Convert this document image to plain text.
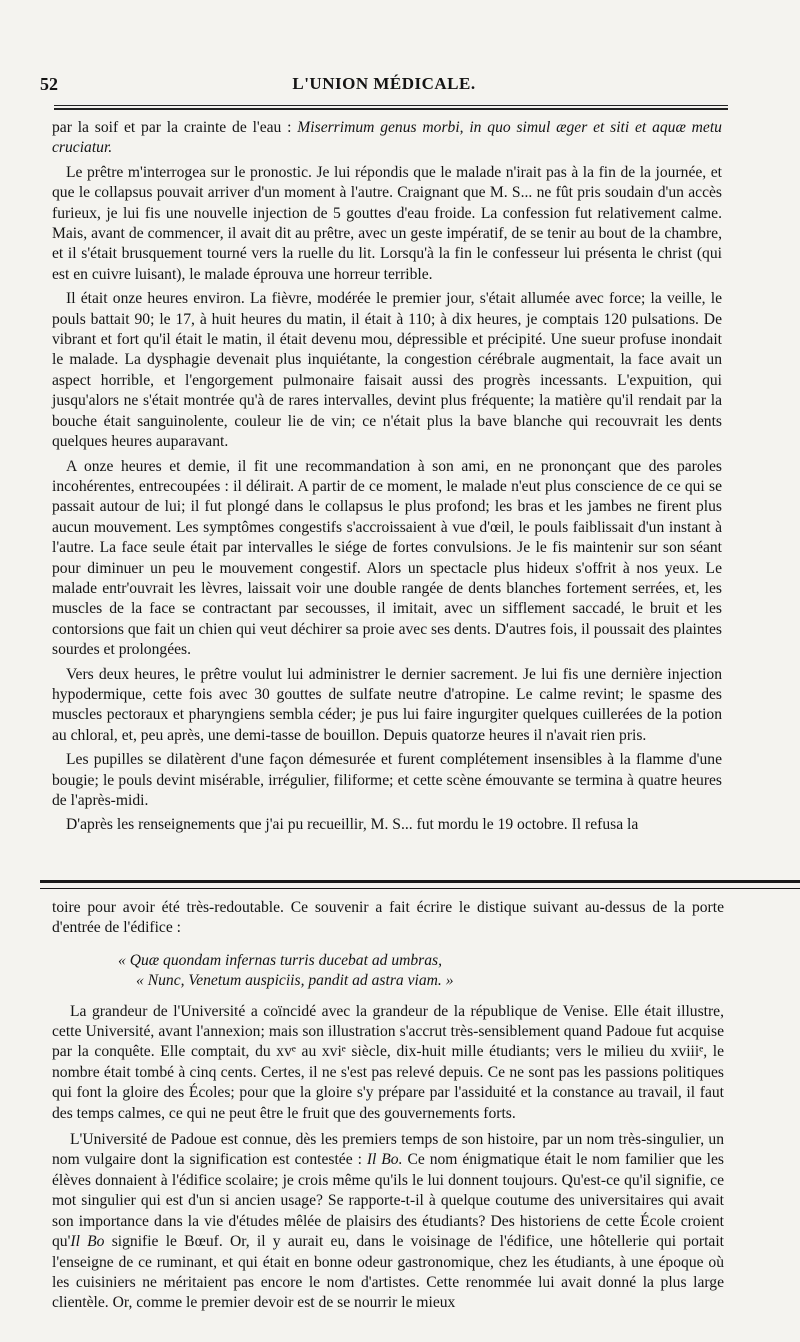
52	L'UNION MÉDICALE.

par la soif et par la crainte de l'eau : Miserrimum genus morbi, in quo simul æger et siti et aquæ metu cruciatur.

Le prêtre m'interrogea sur le pronostic. Je lui répondis que le malade n'irait pas à la fin de la journée, et que le collapsus pouvait arriver d'un moment à l'autre. Craignant que M. S... ne fût pris soudain d'un accès furieux, je lui fis une nouvelle injection de 5 gouttes d'eau froide. La confession fut relativement calme. Mais, avant de commencer, il avait dit au prêtre, avec un geste impératif, de se tenir au bout de la chambre, et il s'était brusquement tourné vers la ruelle du lit. Lorsqu'à la fin le confesseur lui présenta le christ (qui est en cuivre luisant), le malade éprouva une horreur terrible.

Il était onze heures environ. La fièvre, modérée le premier jour, s'était allumée avec force; la veille, le pouls battait 90; le 17, à huit heures du matin, il était à 110; à dix heures, je comptais 120 pulsations. De vibrant et fort qu'il était le matin, il était devenu mou, dépressible et précipité. Une sueur profuse inondait le malade. La dysphagie devenait plus inquiétante, la congestion cérébrale augmentait, la face avait un aspect horrible, et l'engorgement pulmonaire faisait aussi des progrès incessants. L'expuition, qui jusqu'alors ne s'était montrée qu'à de rares intervalles, devint plus fréquente; la matière qu'il rendait par la bouche était sanguinolente, couleur lie de vin; ce n'était plus la bave blanche qui recouvrait les dents quelques heures auparavant.

A onze heures et demie, il fit une recommandation à son ami, en ne prononçant que des paroles incohérentes, entrecoupées : il délirait. A partir de ce moment, le malade n'eut plus conscience de ce qui se passait autour de lui; il fut plongé dans le collapsus le plus profond; les bras et les jambes ne firent plus aucun mouvement. Les symptômes congestifs s'accroissaient à vue d'œil, le pouls faiblissait d'un instant à l'autre. La face seule était par intervalles le siége de fortes convulsions. Je le fis maintenir sur son séant pour diminuer un peu le mouvement congestif. Alors un spectacle plus hideux s'offrit à nos yeux. Le malade entr'ouvrait les lèvres, laissait voir une double rangée de dents blanches fortement serrées, et, les muscles de la face se contractant par secousses, il imitait, avec un sifflement saccadé, le bruit et les contorsions que fait un chien qui veut déchirer sa proie avec ses dents. D'autres fois, il poussait des plaintes sourdes et prolongées.

Vers deux heures, le prêtre voulut lui administrer le dernier sacrement. Je lui fis une dernière injection hypodermique, cette fois avec 30 gouttes de sulfate neutre d'atropine. Le calme revint; le spasme des muscles pectoraux et pharyngiens sembla céder; je pus lui faire ingurgiter quelques cuillerées de la potion au chloral, et, peu après, une demi-tasse de bouillon. Depuis quatorze heures il n'avait rien pris.

Les pupilles se dilatèrent d'une façon démesurée et furent complétement insensibles à la flamme d'une bougie; le pouls devint misérable, irrégulier, filiforme; et cette scène émouvante se termina à quatre heures de l'après-midi.

D'après les renseignements que j'ai pu recueillir, M. S... fut mordu le 19 octobre. Il refusa la

toire pour avoir été très-redoutable. Ce souvenir a fait écrire le distique suivant au-dessus de la porte d'entrée de l'édifice :

« Quæ quondam infernas turris ducebat ad umbras,
« Nunc, Venetum auspiciis, pandit ad astra viam. »

La grandeur de l'Université a coïncidé avec la grandeur de la république de Venise. Elle était illustre, cette Université, avant l'annexion; mais son illustration s'accrut très-sensiblement quand Padoue fut acquise par la conquête. Elle comptait, du xvᵉ au xviᵉ siècle, dix-huit mille étudiants; vers le milieu du xviiiᵉ, le nombre était tombé à cinq cents. Certes, il ne s'est pas relevé depuis. Ce ne sont pas les passions politiques qui font la gloire des Écoles; pour que la gloire s'y prépare par l'assiduité et la constance au travail, il faut des temps calmes, ce qui ne peut être le fruit que des gouvernements forts.

L'Université de Padoue est connue, dès les premiers temps de son histoire, par un nom très-singulier, un nom vulgaire dont la signification est contestée : Il Bo. Ce nom énigmatique était le nom familier que les élèves donnaient à l'édifice scolaire; je crois même qu'ils le lui donnent toujours. Qu'est-ce qu'il signifie, ce mot singulier qui est d'un si ancien usage? Se rapporte-t-il à quelque coutume des universitaires qui avait son importance dans la vie d'études mêlée de plaisirs des étudiants? Des historiens de cette École croient qu'Il Bo signifie le Bœuf. Or, il y aurait eu, dans le voisinage de l'édifice, une hôtellerie qui portait l'enseigne de ce ruminant, et qui était en bonne odeur gastronomique, chez les étudiants, à une époque où les cuisiniers ne méritaient pas encore le nom d'artistes. Cette renommée lui avait donné la plus large clientèle. Or, comme le premier devoir est de se nourrir le mieux
